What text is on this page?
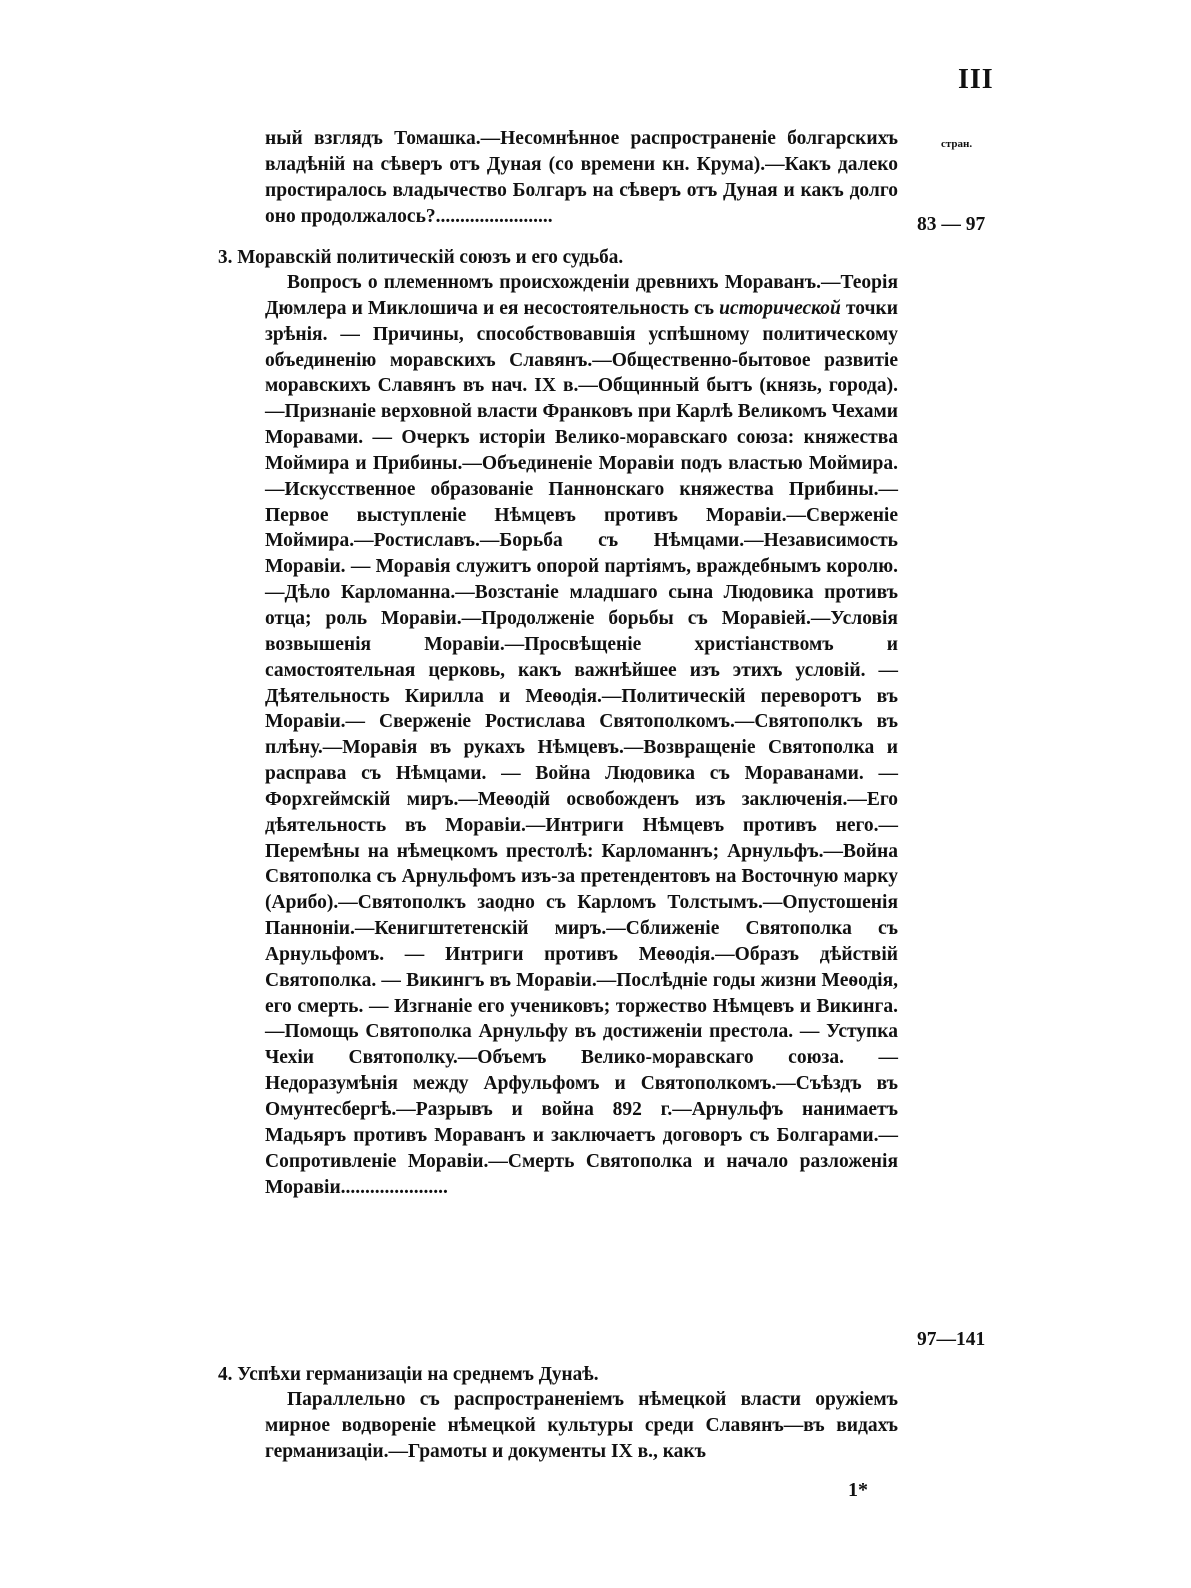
III
стран.

ный взглядъ Томашка.—Несомнѣнное распространеніе болгарскихъ владѣній на сѣверъ отъ Дуная (со времени кн. Крума).—Какъ далеко простиралось владычество Болгаръ на сѣверъ отъ Дуная и какъ долго оно продолжалось?........................	83 — 97
3. Моравскій политическій союзъ и его судьба.

Вопросъ о племенномъ происхожденіи древнихъ Мораванъ.—Теорія Дюмлера и Миклошича и ея несостоятельность съ исторической точки зрѣнія. — Причины, способствовавшія успѣшному политическому объединенію моравскихъ Славянъ.—Общественно-бытовое развитіе моравскихъ Славянъ въ нач. IX в.—Общинный бытъ (князь, города).—Признаніе верховной власти Франковъ при Карлѣ Великомъ Чехами Моравами. — Очеркъ исторіи Велико-моравскаго союза: княжества Моймира и Прибины.—Объединеніе Моравіи подъ властью Моймира.—Искусственное образованіе Паннонскаго княжества Прибины.—Первое выступленіе Нѣмцевъ противъ Моравіи.—Сверженіе Моймира.—Ростиславъ.—Борьба съ Нѣмцами.—Независимость Моравіи. — Моравія служитъ опорой партіямъ, враждебнымъ королю.—Дѣло Карломанна.—Возстаніе младшаго сына Людовика противъ отца; роль Моравіи.—Продолженіе борьбы съ Моравіей.—Условія возвышенія Моравіи.—Просвѣщеніе христіанствомъ и самостоятельная церковь, какъ важнѣйшее изъ этихъ условій. — Дѣятельность Кирилла и Меѳодія.—Политическій переворотъ въ Моравіи.— Сверженіе Ростислава Святополкомъ.—Святополкъ въ плѣну.—Моравія въ рукахъ Нѣмцевъ.—Возвращеніе Святополка и расправа съ Нѣмцами. — Война Людовика съ Мораванами. — Форхгеймскій миръ.—Меѳодій освобожденъ изъ заключенія.—Его дѣятельность въ Моравіи.—Интриги Нѣмцевъ противъ него.—Перемѣны на нѣмецкомъ престолѣ: Карломаннъ; Арнульфъ.—Война Святополка съ Арнульфомъ изъ-за претендентовъ на Восточную марку (Арибо).—Святополкъ заодно съ Карломъ Толстымъ.—Опустошенія Панноніи.—Кенигштетенскій миръ.—Сближеніе Святополка съ Арнульфомъ. — Интриги противъ Меѳодія.—Образъ дѣйствій Святополка. — Викингъ въ Моравіи.—Послѣдніе годы жизни Меѳодія, его смерть. — Изгнаніе его учениковъ; торжество Нѣмцевъ и Викинга.—Помощь Святополка Арнульфу въ достиженіи престола. — Уступка Чехіи Святополку.—Объемъ Велико-моравскаго союза. — Недоразумѣнія между Арфульфомъ и Святополкомъ.—Съѣздъ въ Омунтесбергѣ.—Разрывъ и война 892 г.—Арнульфъ нанимаетъ Мадьяръ противъ Мораванъ и заключаетъ договоръ съ Болгарами.—Сопротивленіе Моравіи.—Смерть Святополка и начало разложенія Моравіи......................

97—141
4. Успѣхи германизаціи на среднемъ Дунаѣ.

Параллельно съ распространеніемъ нѣмецкой власти оружіемъ мирное водвореніе нѣмецкой культуры среди Славянъ—въ видахъ германизаціи.—Грамоты и документы IX в., какъ

1*
